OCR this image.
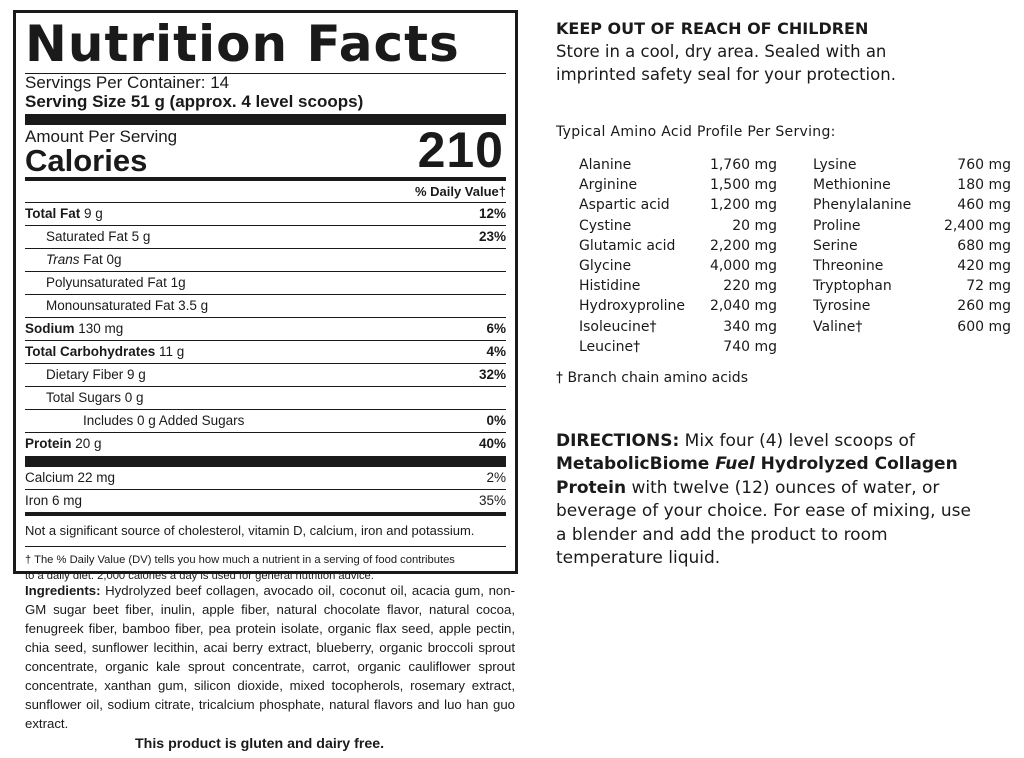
Nutrition Facts
Servings Per Container: 14
Serving Size 51 g (approx. 4 level scoops)
Amount Per Serving
Calories	210
% Daily Value†
Total Fat 9 g	12%
Saturated Fat 5 g	23%
Trans Fat 0g
Polyunsaturated Fat 1g
Monounsaturated Fat 3.5 g
Sodium 130 mg	6%
Total Carbohydrates 11 g	4%
Dietary Fiber 9 g	32%
Total Sugars 0 g
Includes 0 g Added Sugars	0%
Protein 20 g	40%
Calcium 22 mg	2%
Iron 6 mg	35%
Not a significant source of cholesterol, vitamin D, calcium, iron and potassium.
† The % Daily Value (DV) tells you how much a nutrient in a serving of food contributes
to a daily diet. 2,000 calories a day is used for general nutrition advice.
Ingredients: Hydrolyzed beef collagen, avocado oil, coconut oil, acacia gum, non-GM sugar beet fiber, inulin, apple fiber, natural chocolate flavor, natural cocoa, fenugreek fiber, bamboo fiber, pea protein isolate, organic flax seed, apple pectin, chia seed, sunflower lecithin, acai berry extract, blueberry, organic broccoli sprout concentrate, organic kale sprout concentrate, carrot, organic cauliflower sprout concentrate, xanthan gum, silicon dioxide, mixed tocopherols, rosemary extract, sunflower oil, sodium citrate, tricalcium phosphate, natural flavors and luo han guo extract.
This product is gluten and dairy free.
KEEP OUT OF REACH OF CHILDREN
Store in a cool, dry area. Sealed with an
imprinted safety seal for your protection.
Typical Amino Acid Profile Per Serving:
Alanine	1,760 mg
Arginine	1,500 mg
Aspartic acid	1,200 mg
Cystine	20 mg
Glutamic acid 2,200 mg
Glycine	4,000 mg
Histidine	220 mg
Hydroxyproline 2,040 mg
Isoleucine†	340 mg
Leucine†	740 mg
Lysine	760 mg
Methionine	180 mg
Phenylalanine	460 mg
Proline	2,400 mg
Serine	680 mg
Threonine	420 mg
Tryptophan	72 mg
Tyrosine	260 mg
Valine†	600 mg
† Branch chain amino acids
DIRECTIONS: Mix four (4) level scoops of MetabolicBiome Fuel Hydrolyzed Collagen Protein with twelve (12) ounces of water, or beverage of your choice. For ease of mixing, use a blender and add the product to room temperature liquid.
